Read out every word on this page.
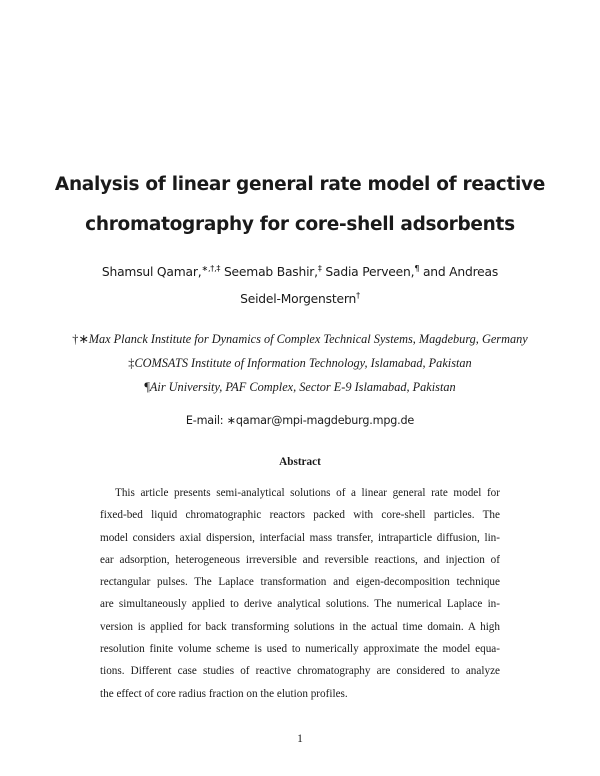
Analysis of linear general rate model of reactive
chromatography for core-shell adsorbents
Shamsul Qamar,∗,†,‡ Seemab Bashir,‡ Sadia Perveen,¶ and Andreas
Seidel-Morgenstern†
†∗Max Planck Institute for Dynamics of Complex Technical Systems, Magdeburg, Germany
‡COMSATS Institute of Information Technology, Islamabad, Pakistan
¶Air University, PAF Complex, Sector E-9 Islamabad, Pakistan
E-mail: ∗qamar@mpi-magdeburg.mpg.de
Abstract
This article presents semi-analytical solutions of a linear general rate model for
fixed-bed liquid chromatographic reactors packed with core-shell particles. The
model considers axial dispersion, interfacial mass transfer, intraparticle diffusion, lin-
ear adsorption, heterogeneous irreversible and reversible reactions, and injection of
rectangular pulses. The Laplace transformation and eigen-decomposition technique
are simultaneously applied to derive analytical solutions. The numerical Laplace in-
version is applied for back transforming solutions in the actual time domain. A high
resolution finite volume scheme is used to numerically approximate the model equa-
tions. Different case studies of reactive chromatography are considered to analyze
the effect of core radius fraction on the elution profiles.
1
